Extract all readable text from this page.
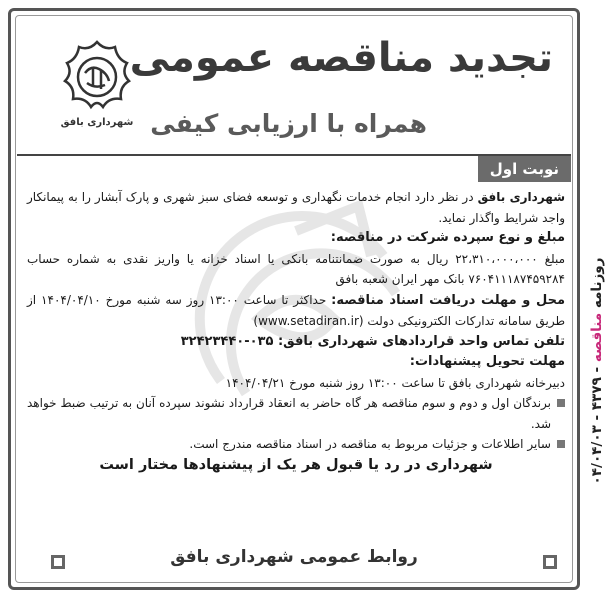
تجدید مناقصه عمومی
همراه با ارزیابی کیفی
شهرداری بافق
نوبت اول

شهرداری بافق در نظر دارد انجام خدمات نگهداری و توسعه فضای سبز شهری و پارک آبشار را به پیمانکار واجد شرایط واگذار نماید.

مبلغ و نوع سپرده شرکت در مناقصه:

مبلغ ۲۲،۳۱۰،۰۰۰،۰۰۰ ریال به صورت ضمانتنامه بانکی یا اسناد خزانه یا واریز نقدی به شماره حساب ۷۶۰۴۱۱۱۸۷۴۵۹۲۸۴ بانک مهر ایران شعبه بافق

محل و مهلت دریافت اسناد مناقصه: حداکثر تا ساعت ۱۳:۰۰ روز سه شنبه مورخ ۱۴۰۴/۰۴/۱۰ از طریق سامانه تدارکات الکترونیکی دولت (www.setadiran.ir)

تلفن تماس واحد قراردادهای شهرداری بافق: ۰۳۵-۳۲۴۲۳۴۴۰

مهلت تحویل پیشنهادات:

دبیرخانه شهرداری بافق تا ساعت ۱۳:۰۰ روز شنبه مورخ ۱۴۰۴/۰۴/۲۱

برندگان اول و دوم و سوم مناقصه هر گاه حاضر به انعقاد قرارداد نشوند سپرده آنان به ترتیب ضبط خواهد شد.
سایر اطلاعات و جزئیات مربوط به مناقصه در اسناد مناقصه مندرج است.

شهرداری در رد یا قبول هر یک از پیشنهادها مختار است

روابط عمومی شهرداری بافق
روزنامه مناقصه - ۴۳۷۹ - ۰۴/۰۴/۰۳
